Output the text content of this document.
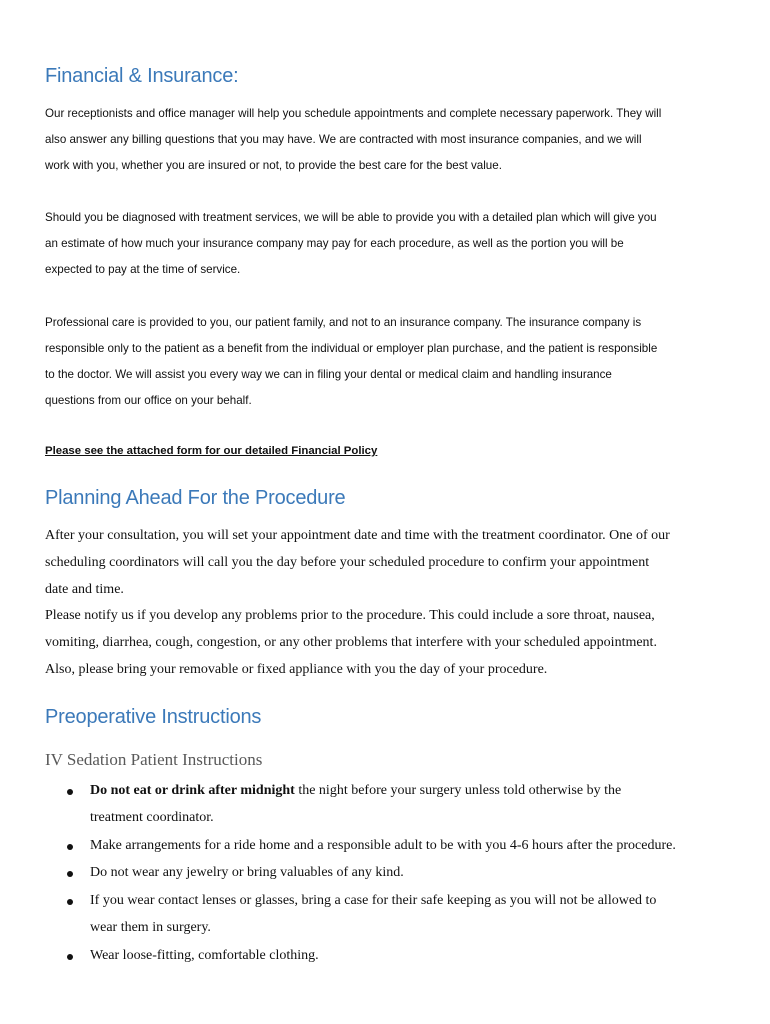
Financial & Insurance:

Our receptionists and office manager will help you schedule appointments and complete necessary paperwork. They will
also answer any billing questions that you may have. We are contracted with most insurance companies, and we will
work with you, whether you are insured or not, to provide the best care for the best value.

Should you be diagnosed with treatment services, we will be able to provide you with a detailed plan which will give you
an estimate of how much your insurance company may pay for each procedure, as well as the portion you will be
expected to pay at the time of service.

Professional care is provided to you, our patient family, and not to an insurance company. The insurance company is
responsible only to the patient as a benefit from the individual or employer plan purchase, and the patient is responsible
to the doctor. We will assist you every way we can in filing your dental or medical claim and handling insurance
questions from our office on your behalf.

Please see the attached form for our detailed Financial Policy
Planning Ahead For the Procedure

After your consultation, you will set your appointment date and time with the treatment coordinator. One of our
scheduling coordinators will call you the day before your scheduled procedure to confirm your appointment
date and time.
Please notify us if you develop any problems prior to the procedure. This could include a sore throat, nausea,
vomiting, diarrhea, cough, congestion, or any other problems that interfere with your scheduled appointment.
Also, please bring your removable or fixed appliance with you the day of your procedure.

Preoperative Instructions
IV Sedation Patient Instructions
Do not eat or drink after midnight the night before your surgery unless told otherwise by the
treatment coordinator.
Make arrangements for a ride home and a responsible adult to be with you 4-6 hours after the procedure.
Do not wear any jewelry or bring valuables of any kind.
If you wear contact lenses or glasses, bring a case for their safe keeping as you will not be allowed to
wear them in surgery.
Wear loose-fitting, comfortable clothing.
